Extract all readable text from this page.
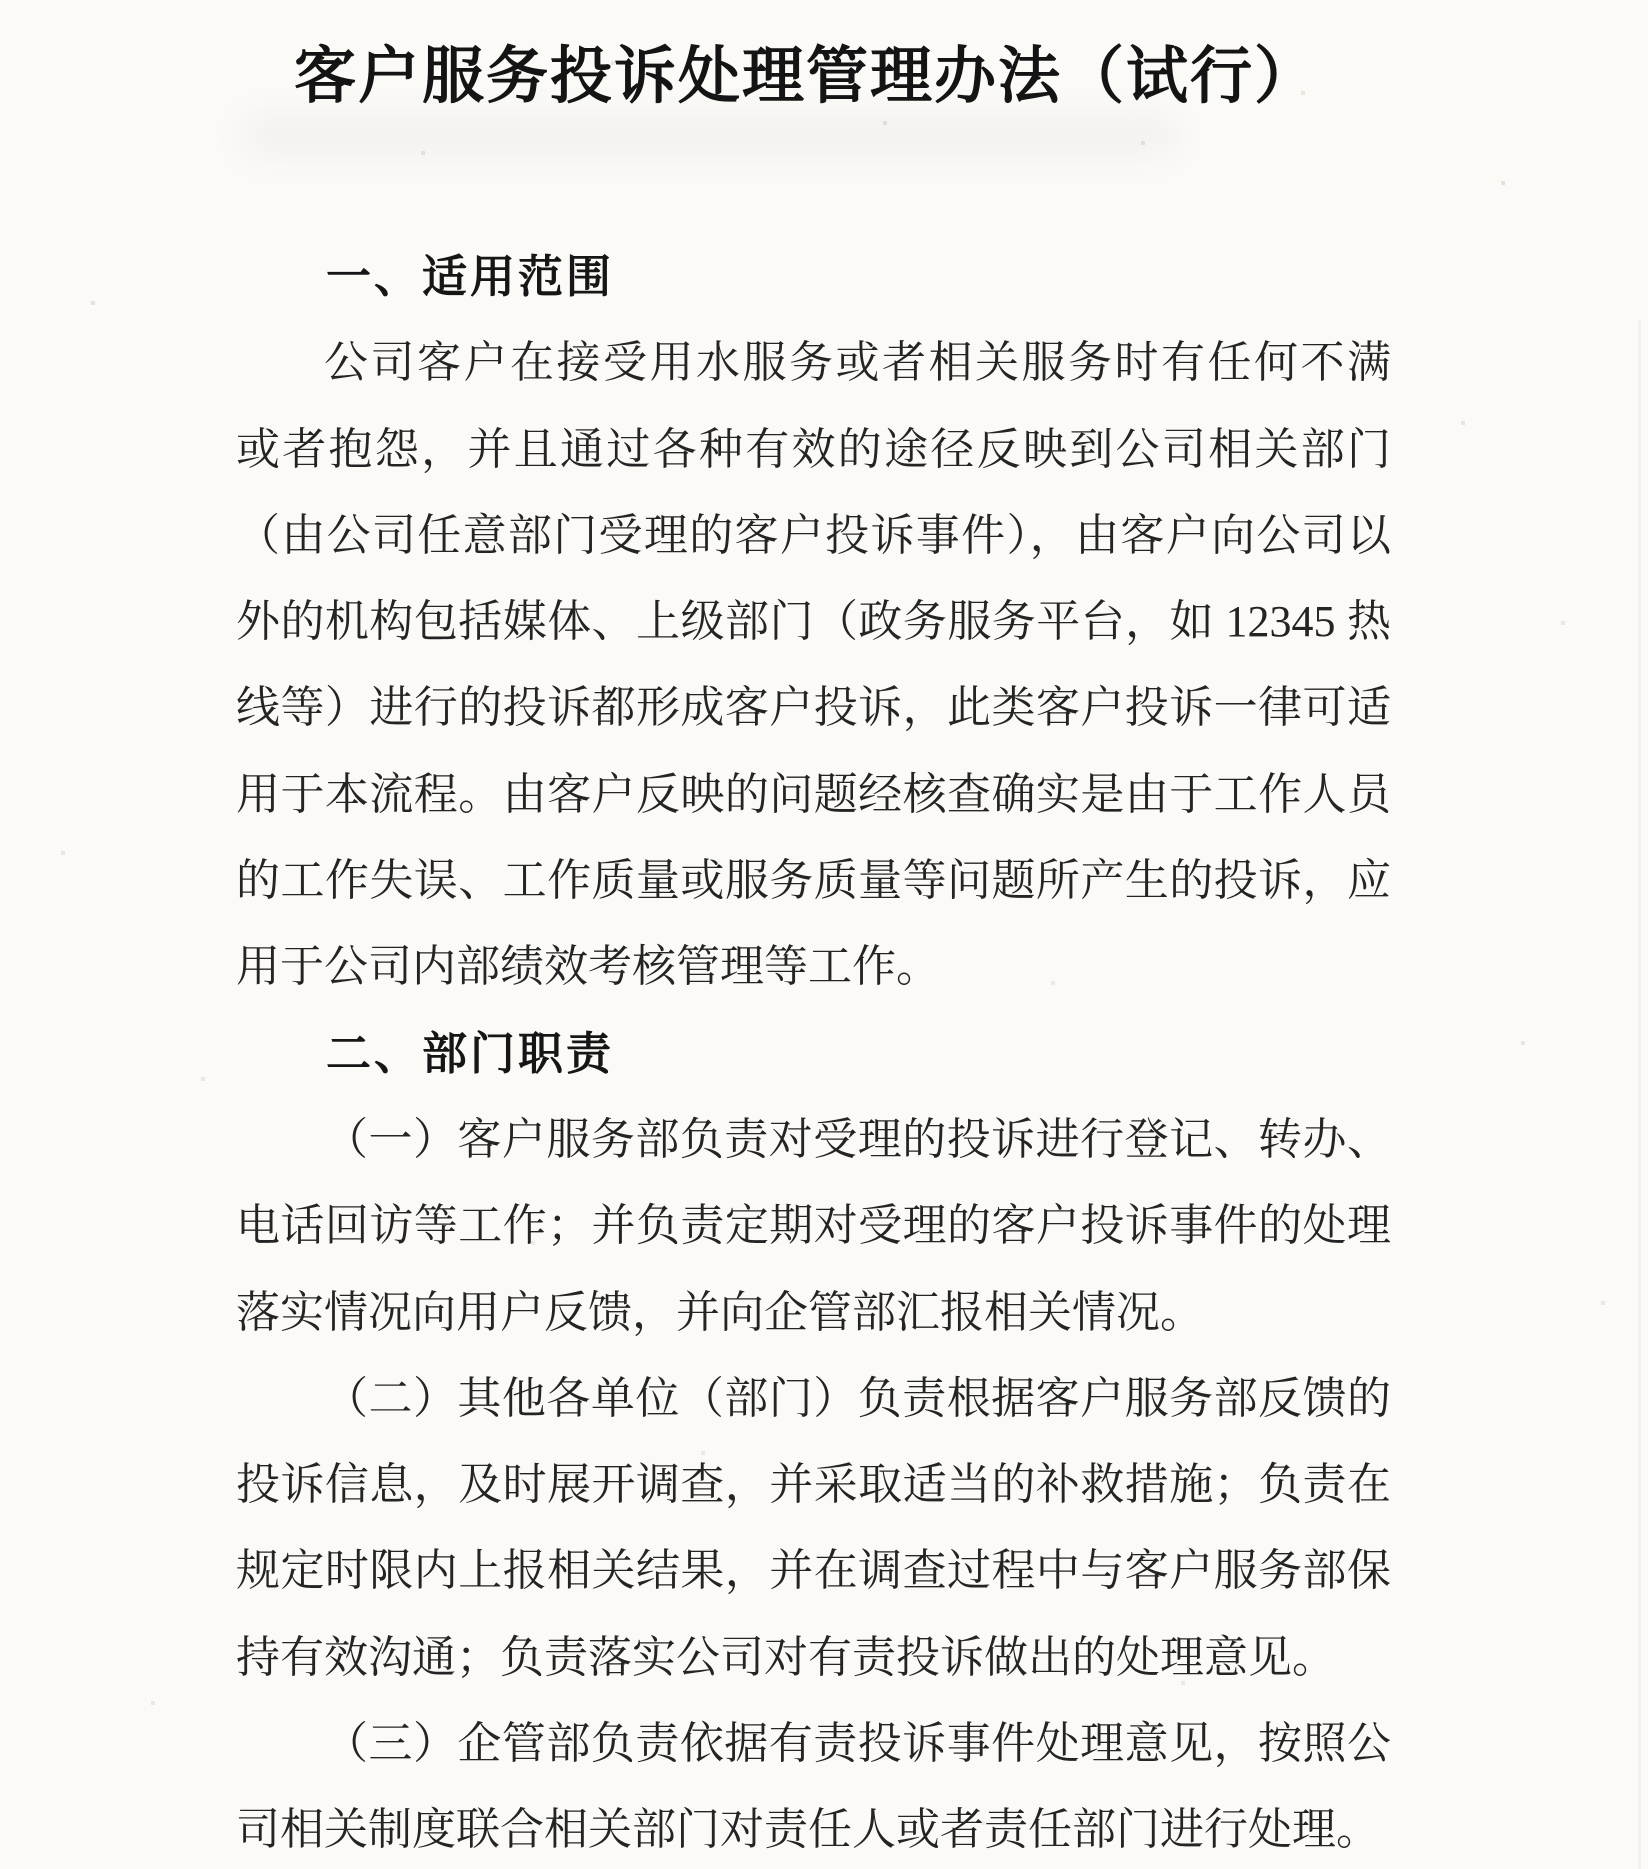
客户服务投诉处理管理办法（试行）
一、适用范围
公司客户在接受用水服务或者相关服务时有任何不满
或者抱怨，并且通过各种有效的途径反映到公司相关部门
（由公司任意部门受理的客户投诉事件），由客户向公司以
外的机构包括媒体、上级部门（政务服务平台，如 12345 热
线等）进行的投诉都形成客户投诉，此类客户投诉一律可适
用于本流程。由客户反映的问题经核查确实是由于工作人员
的工作失误、工作质量或服务质量等问题所产生的投诉，应
用于公司内部绩效考核管理等工作。
二、部门职责
（一）客户服务部负责对受理的投诉进行登记、转办、
电话回访等工作；并负责定期对受理的客户投诉事件的处理
落实情况向用户反馈，并向企管部汇报相关情况。
（二）其他各单位（部门）负责根据客户服务部反馈的
投诉信息，及时展开调查，并采取适当的补救措施；负责在
规定时限内上报相关结果，并在调查过程中与客户服务部保
持有效沟通；负责落实公司对有责投诉做出的处理意见。
（三）企管部负责依据有责投诉事件处理意见，按照公
司相关制度联合相关部门对责任人或者责任部门进行处理。
